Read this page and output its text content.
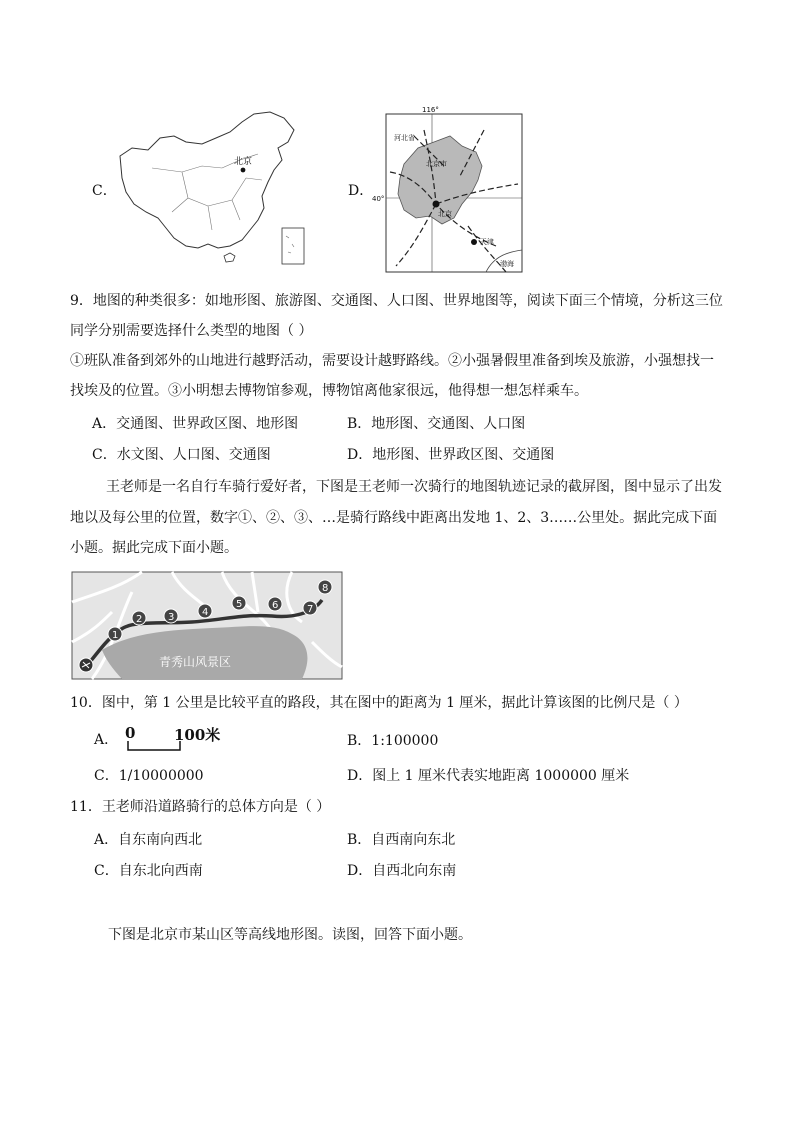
C．
北京
D．
116°
40°
河北省
北京市
北京
天津
渤海
9．地图的种类很多：如地形图、旅游图、交通图、人口图、世界地图等，阅读下面三个情境，分析这三位
同学分别需要选择什么类型的地图（ ）
①班队准备到郊外的山地进行越野活动，需要设计越野路线。②小强暑假里准备到埃及旅游，小强想找一
找埃及的位置。③小明想去博物馆参观，博物馆离他家很远，他得想一想怎样乘车。
A．交通图、世界政区图、地形图	B．地形图、交通图、人口图
C．水文图、人口图、交通图	D．地形图、世界政区图、交通图
王老师是一名自行车骑行爱好者，下图是王老师一次骑行的地图轨迹记录的截屏图，图中显示了出发
地以及每公里的位置，数字①、②、③、…是骑行路线中距离出发地 1、2、3……公里处。据此完成下面
小题。据此完成下面小题。
青秀山风景区
1
2	3	4
5	6	7
8
10．图中，第 1 公里是比较平直的路段，其在图中的距离为 1 厘米，据此计算该图的比例尺是（ ）
A． 0	100米	B．1:100000
C．1/10000000	D．图上 1 厘米代表实地距离 1000000 厘米
11．王老师沿道路骑行的总体方向是（ ）
A．自东南向西北	B．自西南向东北
C．自东北向西南	D．自西北向东南
下图是北京市某山区等高线地形图。读图，回答下面小题。
